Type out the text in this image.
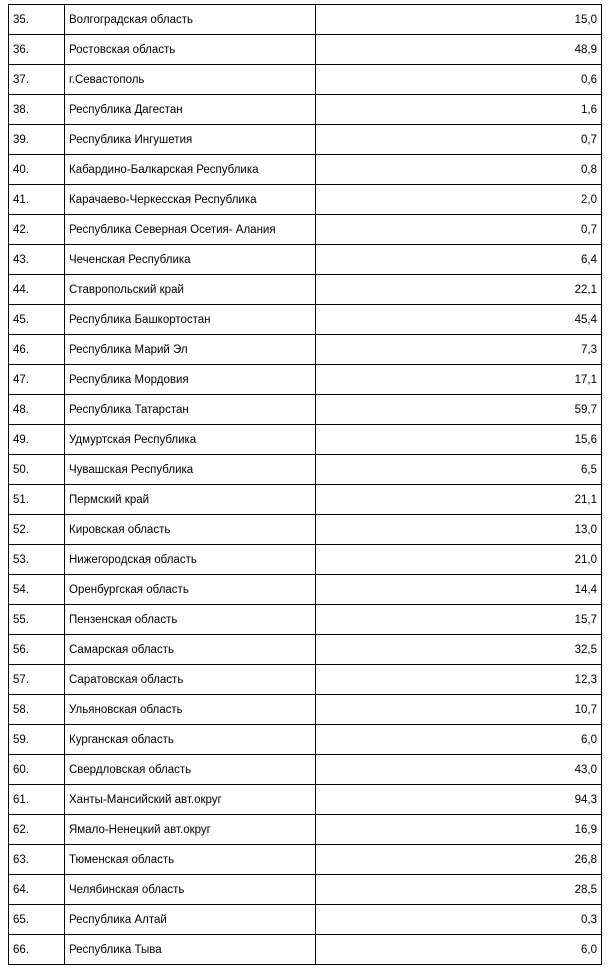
35.	Волгоградская область	15,0
36.	Ростовская область	48,9
37.	г.Севастополь	0,6
38.	Республика Дагестан	1,6
39.	Республика Ингушетия	0,7
40.	Кабардино-Балкарская Республика	0,8
41.	Карачаево-Черкесская Республика	2,0
42.	Республика Северная Осетия- Алания	0,7
43.	Чеченская Республика	6,4
44.	Ставропольский край	22,1
45.	Республика Башкортостан	45,4
46.	Республика Марий Эл	7,3
47.	Республика Мордовия	17,1
48.	Республика Татарстан	59,7
49.	Удмуртская Республика	15,6
50.	Чувашская Республика	6,5
51.	Пермский край	21,1
52.	Кировская область	13,0
53.	Нижегородская область	21,0
54.	Оренбургская область	14,4
55.	Пензенская область	15,7
56.	Самарская область	32,5
57.	Саратовская область	12,3
58.	Ульяновская область	10,7
59.	Курганская область	6,0
60.	Свердловская область	43,0
61.	Ханты-Мансийский авт.округ	94,3
62.	Ямало-Ненецкий авт.округ	16,9
63.	Тюменская область	26,8
64.	Челябинская область	28,5
65.	Республика Алтай	0,3
66.	Республика Тыва	6,0
